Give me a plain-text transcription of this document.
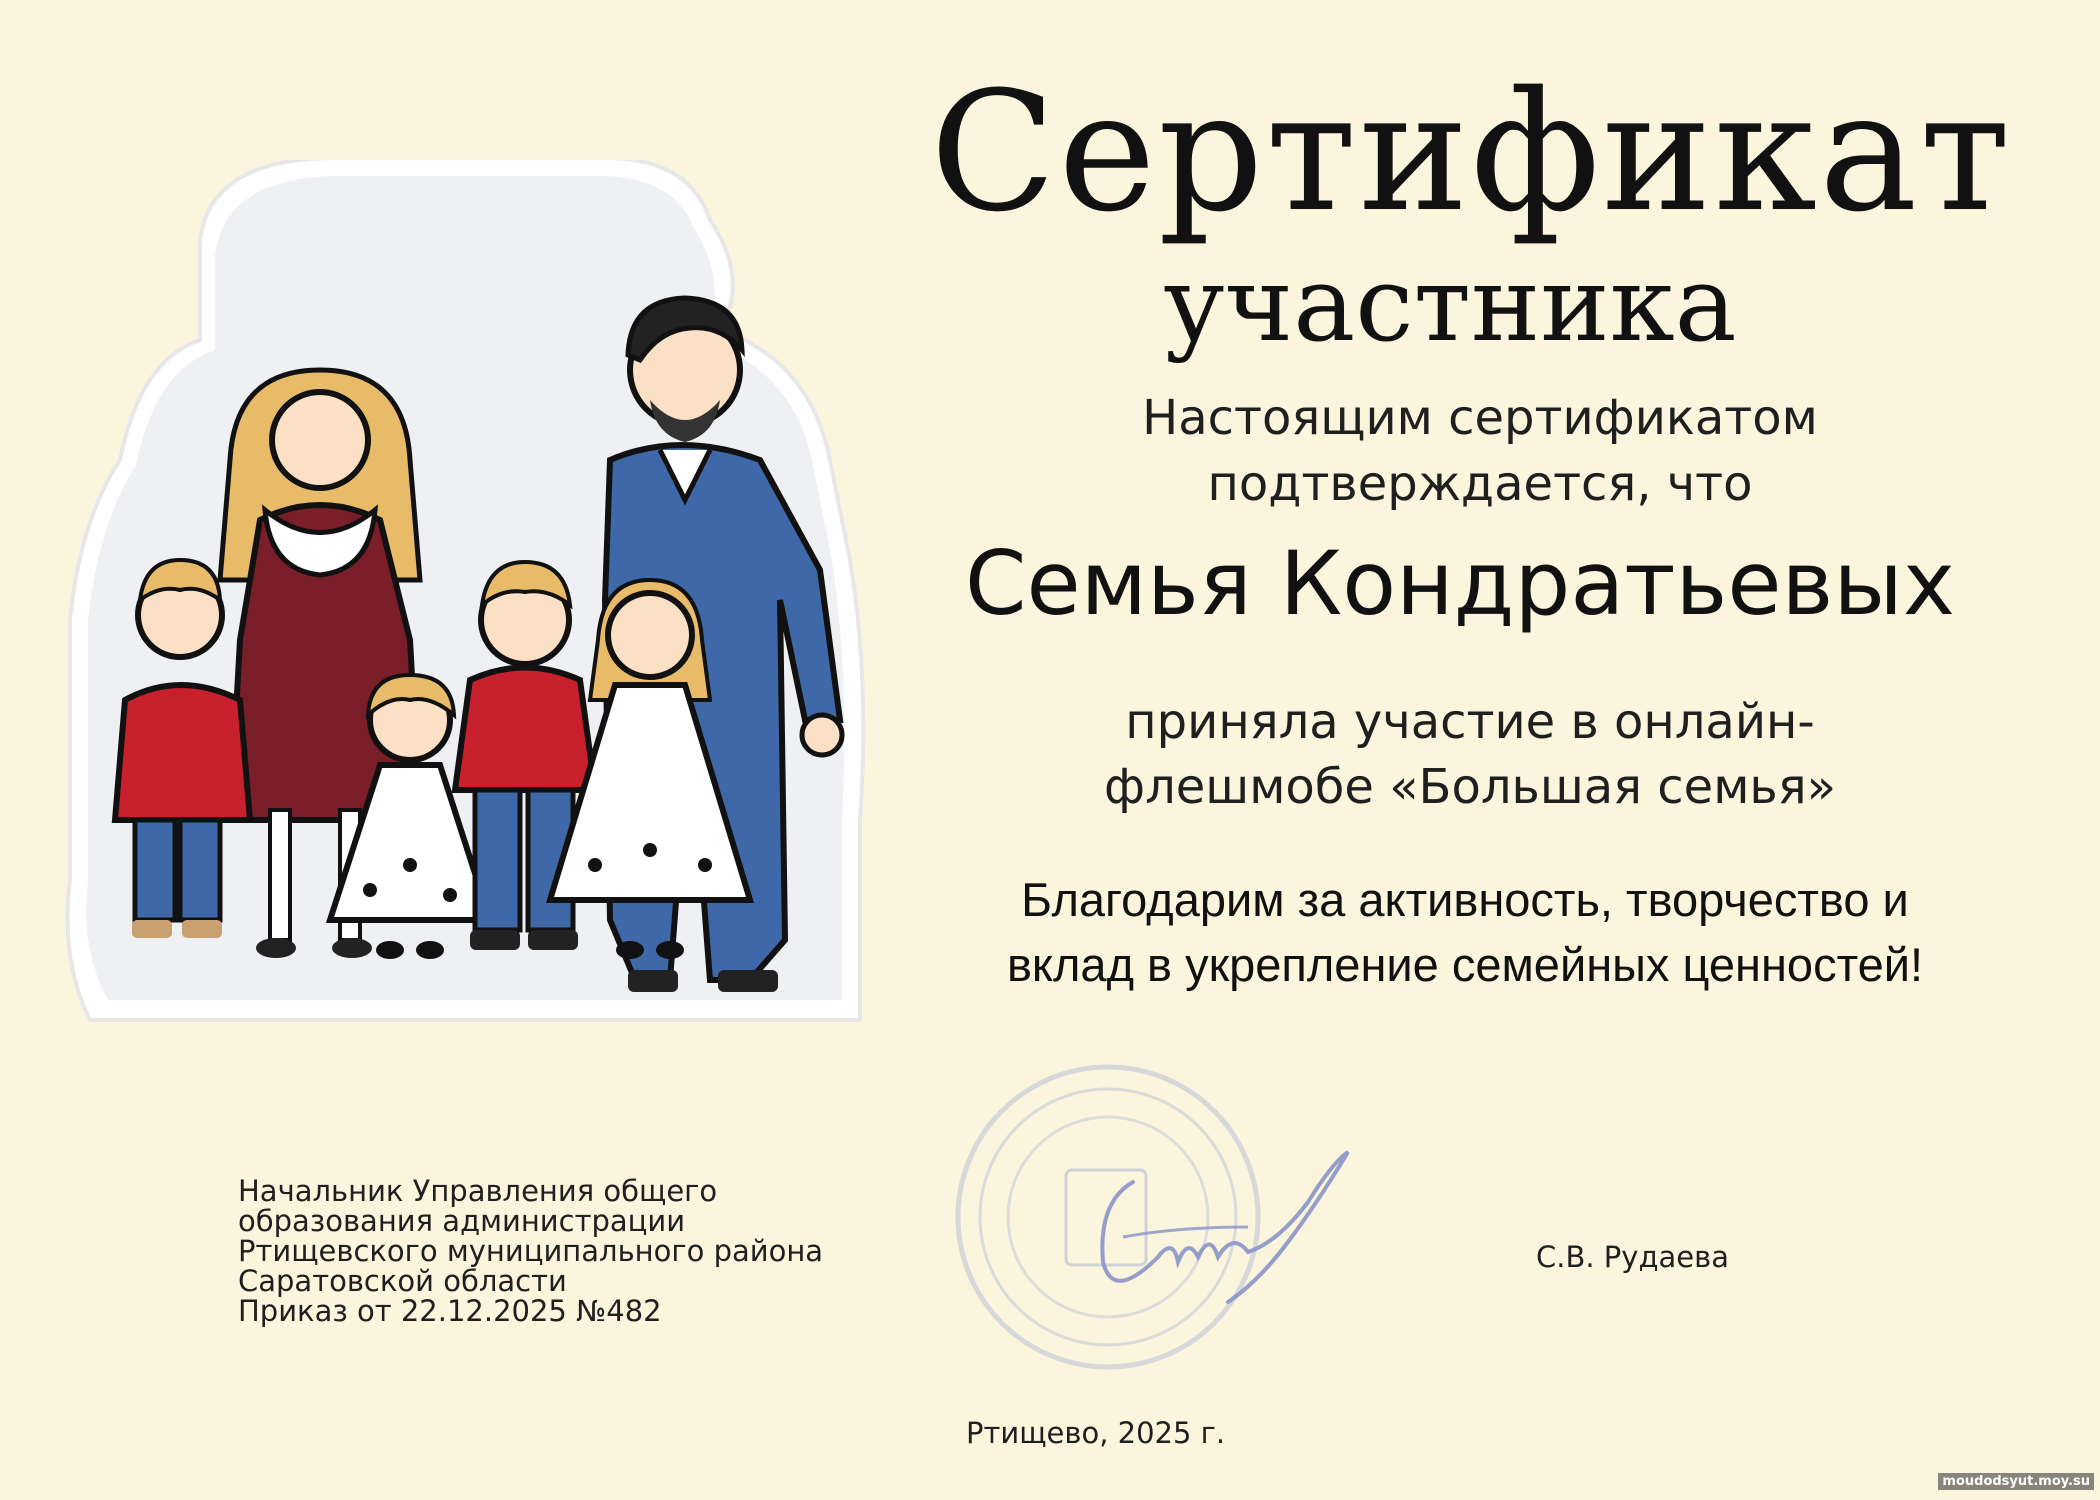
Сертификат
участника
Настоящим сертификатом
подтверждается, что
Семья Кондратьевых
приняла участие в онлайн-
флешмобе «Большая семья»
Благодарим за активность, творчество и
вклад в укрепление семейных ценностей!
Начальник Управления общего
образования администрации
Ртищевского муниципального района
Саратовской области
Приказ от 22.12.2025 №482
С.В. Рудаева
Ртищево, 2025 г.
moudodsyut.moy.su
